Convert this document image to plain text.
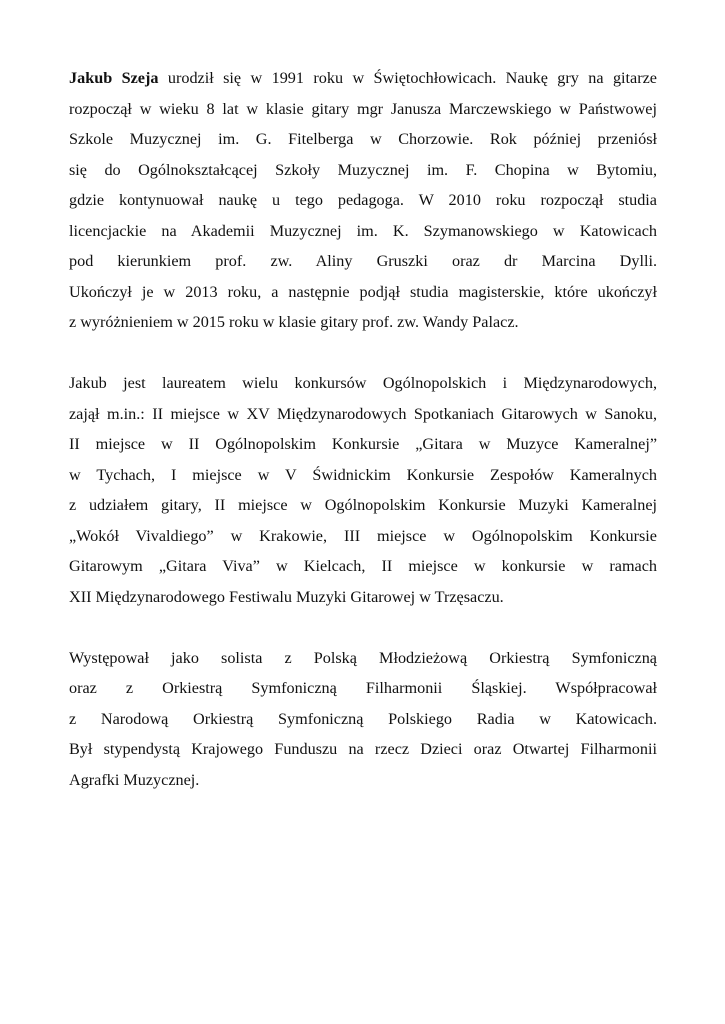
Jakub Szeja urodził się w 1991 roku w Świętochłowicach. Naukę gry na gitarze
rozpoczął w wieku 8 lat w klasie gitary mgr Janusza Marczewskiego w Państwowej
Szkole Muzycznej im. G. Fitelberga w Chorzowie. Rok później przeniósł
się do Ogólnokształcącej Szkoły Muzycznej im. F. Chopina w Bytomiu,
gdzie kontynuował naukę u tego pedagoga. W 2010 roku rozpoczął studia
licencjackie na Akademii Muzycznej im. K. Szymanowskiego w Katowicach
pod kierunkiem prof. zw. Aliny Gruszki oraz dr Marcina Dylli.
Ukończył je w 2013 roku, a następnie podjął studia magisterskie, które ukończył
z wyróżnieniem w 2015 roku w klasie gitary prof. zw. Wandy Palacz.
Jakub jest laureatem wielu konkursów Ogólnopolskich i Międzynarodowych,
zajął m.in.: II miejsce w XV Międzynarodowych Spotkaniach Gitarowych w Sanoku,
II miejsce w II Ogólnopolskim Konkursie „Gitara w Muzyce Kameralnej”
w Tychach, I miejsce w V Świdnickim Konkursie Zespołów Kameralnych
z udziałem gitary, II miejsce w Ogólnopolskim Konkursie Muzyki Kameralnej
„Wokół Vivaldiego” w Krakowie, III miejsce w Ogólnopolskim Konkursie
Gitarowym „Gitara Viva” w Kielcach, II miejsce w konkursie w ramach
XII Międzynarodowego Festiwalu Muzyki Gitarowej w Trzęsaczu.
Występował jako solista z Polską Młodzieżową Orkiestrą Symfoniczną
oraz z Orkiestrą Symfoniczną Filharmonii Śląskiej. Współpracował
z Narodową Orkiestrą Symfoniczną Polskiego Radia w Katowicach.
Był stypendystą Krajowego Funduszu na rzecz Dzieci oraz Otwartej Filharmonii
Agrafki Muzycznej.
